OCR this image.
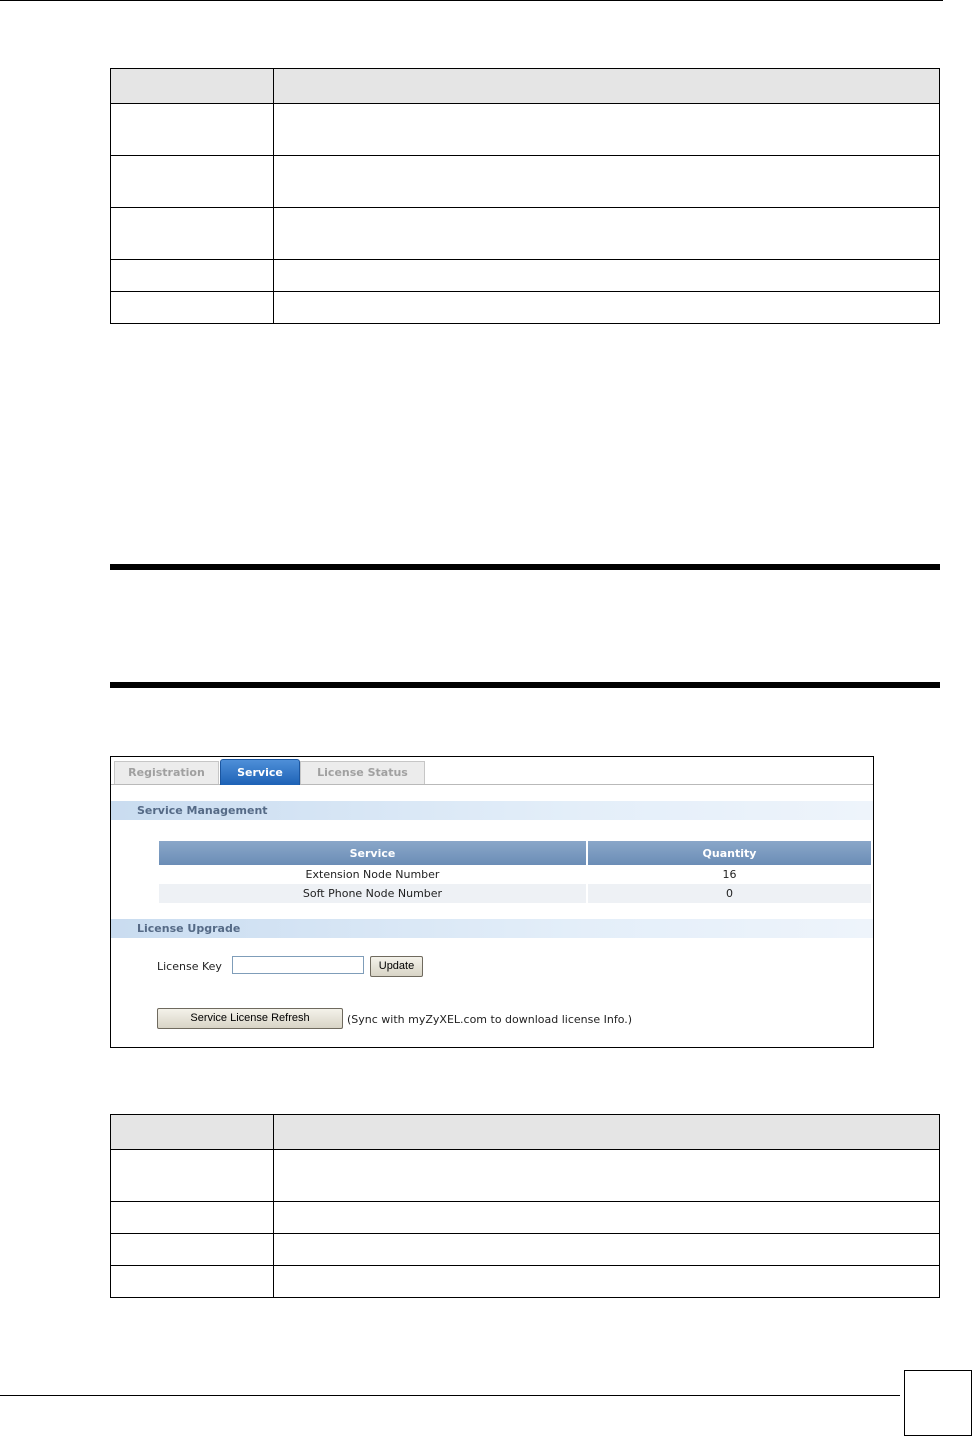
Registration	Service	License Status
Service Management
Service	Quantity
Extension Node Number	16
Soft Phone Node Number	0
License Upgrade
License Key	Update
Service License Refresh	(Sync with myZyXEL.com to download license Info.)
